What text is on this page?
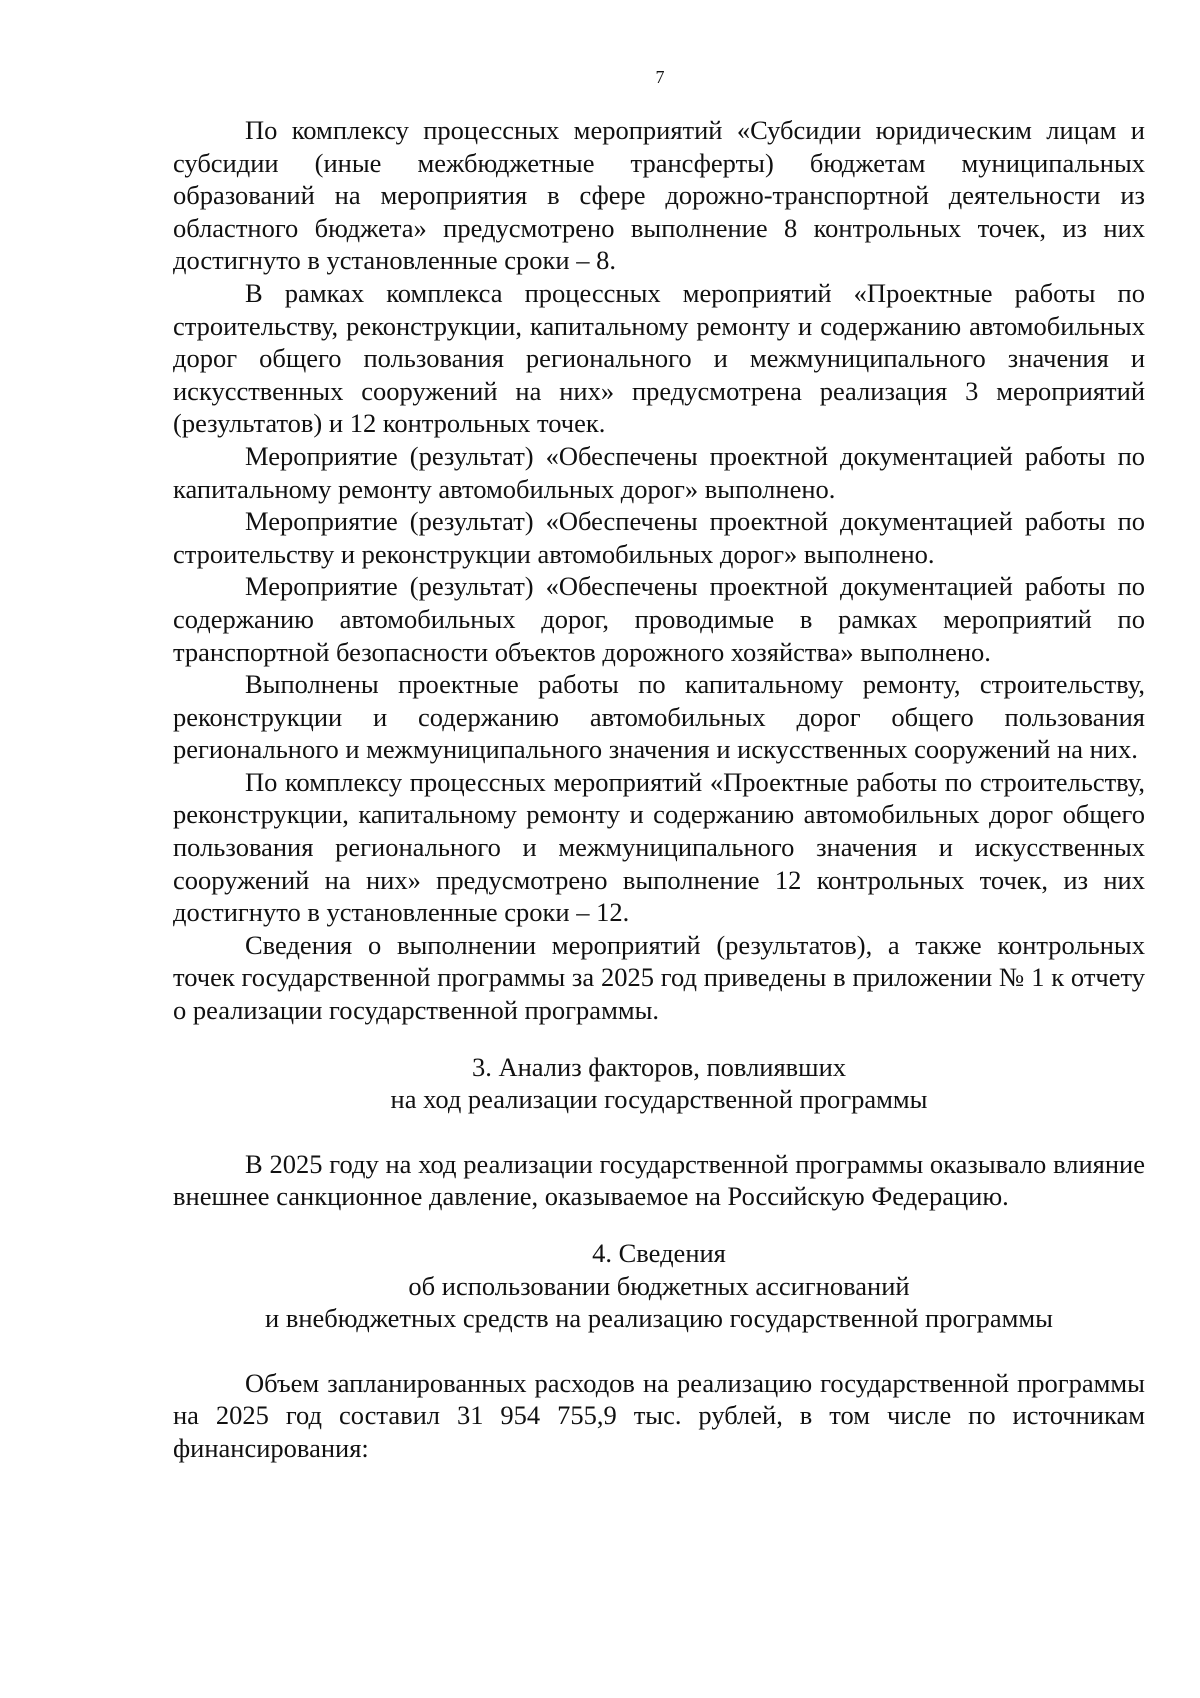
7

По комплексу процессных мероприятий «Субсидии юридическим лицам и субсидии (иные межбюджетные трансферты) бюджетам муниципальных образований на мероприятия в сфере дорожно-транспортной деятельности из областного бюджета» предусмотрено выполнение 8 контрольных точек, из них достигнуто в установленные сроки – 8.

В рамках комплекса процессных мероприятий «Проектные работы по строительству, реконструкции, капитальному ремонту и содержанию автомобильных дорог общего пользования регионального и межмуниципального значения и искусственных сооружений на них» предусмотрена реализация 3 мероприятий (результатов) и 12 контрольных точек.

Мероприятие (результат) «Обеспечены проектной документацией работы по капитальному ремонту автомобильных дорог» выполнено.

Мероприятие (результат) «Обеспечены проектной документацией работы по строительству и реконструкции автомобильных дорог» выполнено.

Мероприятие (результат) «Обеспечены проектной документацией работы по содержанию автомобильных дорог, проводимые в рамках мероприятий по транспортной безопасности объектов дорожного хозяйства» выполнено.

Выполнены проектные работы по капитальному ремонту, строительству, реконструкции и содержанию автомобильных дорог общего пользования регионального и межмуниципального значения и искусственных сооружений на них.

По комплексу процессных мероприятий «Проектные работы по строительству, реконструкции, капитальному ремонту и содержанию автомобильных дорог общего пользования регионального и межмуниципального значения и искусственных сооружений на них» предусмотрено выполнение 12 контрольных точек, из них достигнуто в установленные сроки – 12.

Сведения о выполнении мероприятий (результатов), а также контрольных точек государственной программы за 2025 год приведены в приложении № 1 к отчету о реализации государственной программы.

3. Анализ факторов, повлиявших

на ход реализации государственной программы

В 2025 году на ход реализации государственной программы оказывало влияние внешнее санкционное давление, оказываемое на Российскую Федерацию.

4. Сведения

об использовании бюджетных ассигнований

и внебюджетных средств на реализацию государственной программы

Объем запланированных расходов на реализацию государственной программы на 2025 год составил 31 954 755,9 тыс. рублей, в том числе по источникам финансирования:
